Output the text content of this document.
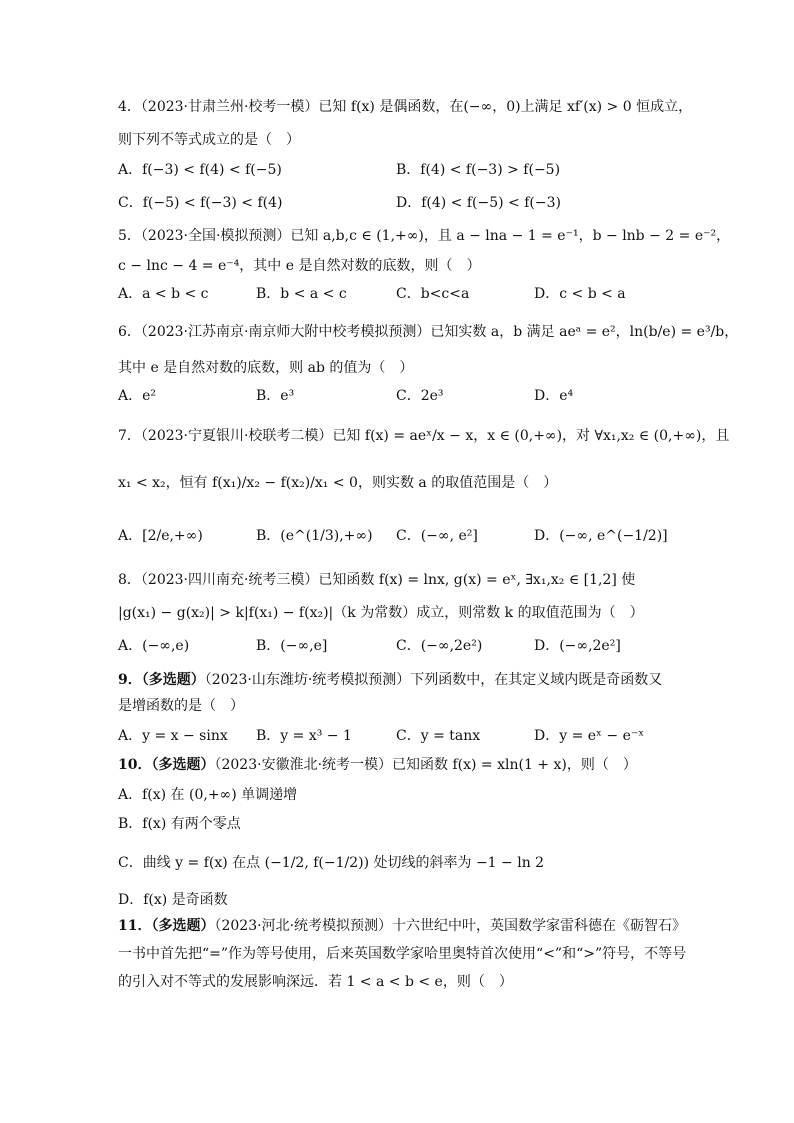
4．（2023·甘肃兰州·校考一模）已知 f(x) 是偶函数，在(−∞，0)上满足 xf′(x) > 0 恒成立，
则下列不等式成立的是（　）
A．f(−3) < f(4) < f(−5)	B．f(4) < f(−3) > f(−5)
C．f(−5) < f(−3) < f(4)	D．f(4) < f(−5) < f(−3)
5．（2023·全国·模拟预测）已知 a,b,c ∈ (1,+∞)，且 a − lna − 1 = e⁻¹，b − lnb − 2 = e⁻²，
c − lnc − 4 = e⁻⁴，其中 e 是自然对数的底数，则（　）
A．a < b < c	B．b < a < c	C．b<c<a	D．c < b < a
6．（2023·江苏南京·南京师大附中校考模拟预测）已知实数 a，b 满足 aeᵃ = e²，ln(b/e) = e³/b，
其中 e 是自然对数的底数，则 ab 的值为（　）
A．e²	B．e³	C．2e³	D．e⁴
7．（2023·宁夏银川·校联考二模）已知 f(x) = aeˣ/x − x，x ∈ (0,+∞)，对 ∀x₁,x₂ ∈ (0,+∞)，且
x₁ < x₂，恒有 f(x₁)/x₂ − f(x₂)/x₁ < 0，则实数 a 的取值范围是（　）
A．[2/e,+∞)	B．(e^(1/3),+∞) C．(−∞, e²]	D．(−∞, e^(−1/2)]
8．（2023·四川南充·统考三模）已知函数 f(x) = lnx, g(x) = eˣ, ∃x₁,x₂ ∈ [1,2] 使
|g(x₁) − g(x₂)| > k|f(x₁) − f(x₂)|（k 为常数）成立，则常数 k 的取值范围为（　）
A．(−∞,e)	B．(−∞,e]	C．(−∞,2e²)	D．(−∞,2e²]
9．（多选题）（2023·山东潍坊·统考模拟预测）下列函数中，在其定义域内既是奇函数又
是增函数的是（　）
A．y = x − sinx B．y = x³ − 1	C．y = tanx	D．y = eˣ − e⁻ˣ
10．（多选题）（2023·安徽淮北·统考一模）已知函数 f(x) = xln(1 + x)，则（　）
A．f(x) 在 (0,+∞) 单调递增
B．f(x) 有两个零点
C．曲线 y = f(x) 在点 (−1/2, f(−1/2)) 处切线的斜率为 −1 − ln 2
D．f(x) 是奇函数
11．（多选题）（2023·河北·统考模拟预测）十六世纪中叶，英国数学家雷科德在《砺智石》
一书中首先把“=”作为等号使用，后来英国数学家哈里奥特首次使用“<”和“>”符号，不等号
的引入对不等式的发展影响深远．若 1 < a < b < e，则（　）
